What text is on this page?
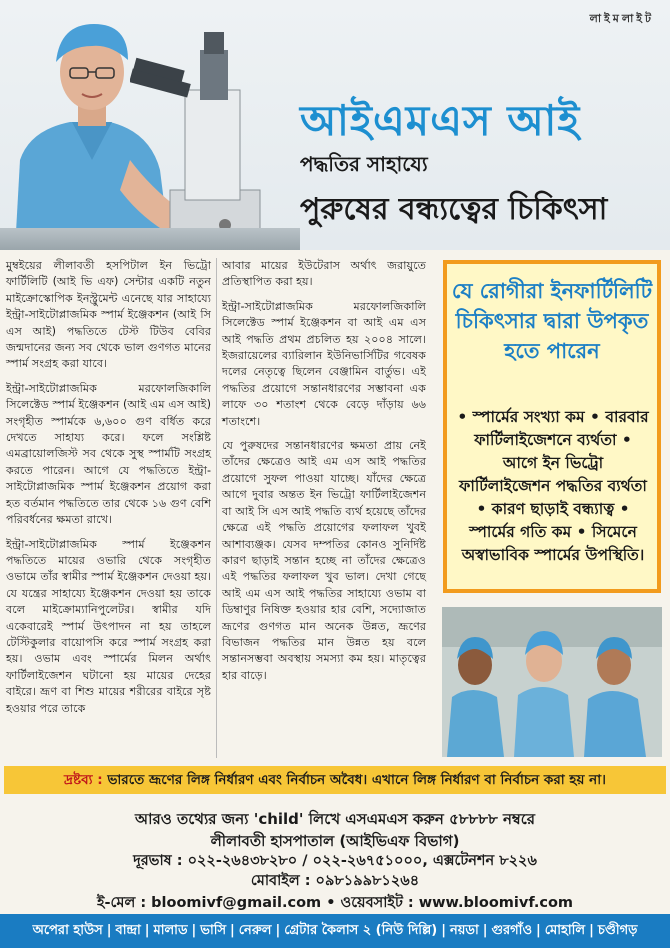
লাইমলাইট
আইএমএস আই
পদ্ধতির সাহায্যে
পুরুষের বন্ধ্যত্বের চিকিৎসা

মুম্বইয়ের লীলাবতী হসপিটাল ইন ভিট্রো ফার্টিলিটি (আই ভি এফ) সেন্টার একটি নতুন মাইক্রোস্কোপিক ইনস্ট্রুমেন্ট এনেছে যার সাহায্যে ইন্ট্রা-সাইটোপ্লাজমিক স্পার্ম ইঞ্জেকশন (আই সি এস আই) পদ্ধতিতে টেস্ট টিউব বেবির জন্মদানের জন্য সব থেকে ভাল গুণগত মানের স্পার্ম সংগ্রহ করা যাবে।

ইন্ট্রা-সাইটোপ্লাজমিক মরফোলজিকালি সিলেক্টেড স্পার্ম ইঞ্জেকশন (আই এম এস আই) সংগৃহীত স্পার্মকে ৬,৬০০ গুণ বর্ধিত করে দেখতে সাহায্য করে। ফলে সংশ্লিষ্ট এমব্রায়োলজিস্ট সব থেকে সুস্থ স্পার্মটি সংগ্রহ করতে পারেন। আগে যে পদ্ধতিতে ইন্ট্রা-সাইটোপ্লাজমিক স্পার্ম ইঞ্জেকশন প্রয়োগ করা হত বর্তমান পদ্ধতিতে তার থেকে ১৬ গুণ বেশি পরিবর্ধনের ক্ষমতা রাখে।

ইন্ট্রা-সাইটোপ্লাজমিক স্পার্ম ইঞ্জেকশন পদ্ধতিতে মায়ের ওভারি থেকে সংগৃহীত ওভামে তাঁর স্বামীর স্পার্ম ইঞ্জেকশন দেওয়া হয়। যে যন্ত্রের সাহায্যে ইঞ্জেকশন দেওয়া হয় তাকে বলে মাইক্রোম্যানিপুলেটর। স্বামীর যদি একেবারেই স্পার্ম উৎপাদন না হয় তাহলে টেস্টিকুলার বায়োপসি করে স্পার্ম সংগ্রহ করা হয়। ওভাম এবং স্পার্মের মিলন অর্থাৎ ফার্টিলাইজেশন ঘটানো হয় মায়ের দেহের বাইরে। ভ্রূণ বা শিশু মায়ের শরীরের বাইরে সৃষ্ট হওয়ার পরে তাকে

আবার মায়ের ইউটেরাস অর্থাৎ জরায়ুতে প্রতিস্থাপিত করা হয়।

ইন্ট্রা-সাইটোপ্লাজমিক মরফোলজিকালি সিলেক্টেড স্পার্ম ইঞ্জেকশন বা আই এম এস আই পদ্ধতি প্রথম প্রচলিত হয় ২০০৪ সালে। ইজরায়েলের ব্যারিলান ইউনিভার্সিটির গবেষক দলের নেতৃত্বে ছিলেন বেঞ্জামিন বার্তুভ। এই পদ্ধতির প্রয়োগে সন্তানধারণের সম্ভাবনা এক লাফে ৩০ শতাংশ থেকে বেড়ে দাঁড়ায় ৬৬ শতাংশে।

যে পুরুষদের সন্তানধারণের ক্ষমতা প্রায় নেই তাঁদের ক্ষেত্রেও আই এম এস আই পদ্ধতির প্রয়োগে সুফল পাওয়া যাচ্ছে। যাঁদের ক্ষেত্রে আগে দুবার অন্তত ইন ভিট্রো ফার্টিলাইজেশন বা আই সি এস আই পদ্ধতি ব্যর্থ হয়েছে তাঁদের ক্ষেত্রে এই পদ্ধতি প্রয়োগের ফলাফল খুবই আশাব্যঞ্জক। যেসব দম্পতির কোনও সুনির্দিষ্ট কারণ ছাড়াই সন্তান হচ্ছে না তাঁদের ক্ষেত্রেও এই পদ্ধতির ফলাফল খুব ভাল। দেখা গেছে আই এম এস আই পদ্ধতির সাহায্যে ওভাম বা ডিম্বাণুর নিষিক্ত হওয়ার হার বেশি, সদ্যোজাত ভ্রূণের গুণগত মান অনেক উন্নত, ভ্রূণের বিভাজন পদ্ধতির মান উন্নত হয় বলে সন্তানসম্ভবা অবস্থায় সমস্যা কম হয়। মাতৃত্বের হার বাড়ে।

যে রোগীরা ইনফার্টিলিটি চিকিৎসার দ্বারা উপকৃত হতে পারেন
• স্পার্মের সংখ্যা কম • বারবার ফার্টিলাইজেশনে ব্যর্থতা • আগে ইন ভিট্রো ফার্টিলাইজেশন পদ্ধতির ব্যর্থতা • কারণ ছাড়াই বন্ধ্যাত্ব • স্পার্মের গতি কম • সিমেনে অস্বাভাবিক স্পার্মের উপস্থিতি।
দ্রষ্টব্য : ভারতে ভ্রূণের লিঙ্গ নির্ধারণ এবং নির্বাচন অবৈধ। এখানে লিঙ্গ নির্ধারণ বা নির্বাচন করা হয় না।
আরও তথ্যের জন্য 'child' লিখে এসএমএস করুন ৫৮৮৮৮ নম্বরে
লীলাবতী হাসপাতাল (আইভিএফ বিভাগ)
দূরভাষ : ০২২-২৬৪৩৮২৮০ / ০২২-২৬৭৫১০০০, এক্সটেনশন ৮২২৬
মোবাইল : ০৯৮১৯৯৮১২৬৪
ই-মেল : bloomivf@gmail.com • ওয়েবসাইট : www.bloomivf.com
অপেরা হাউস | বান্দ্রা | মালাড | ভাসি | নেরুল | গ্রেটার কৈলাস ২ (নিউ দিল্লি) | নয়ডা | গুরগাঁও | মোহালি | চণ্ডীগড়
